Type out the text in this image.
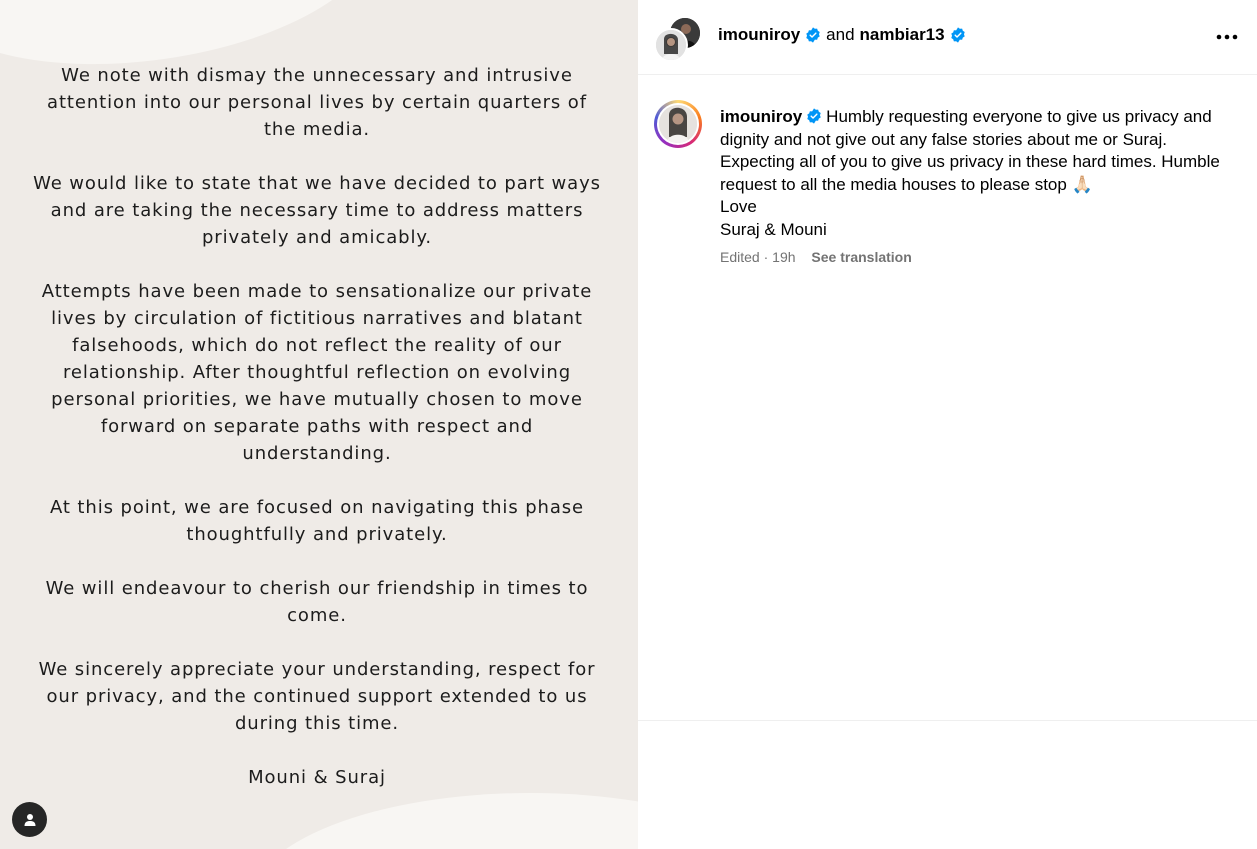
We note with dismay the unnecessary and intrusive attention into our personal lives by certain quarters of the media.

We would like to state that we have decided to part ways and are taking the necessary time to address matters privately and amicably.

Attempts have been made to sensationalize our private lives by circulation of fictitious narratives and blatant falsehoods, which do not reflect the reality of our relationship. After thoughtful reflection on evolving personal priorities, we have mutually chosen to move forward on separate paths with respect and understanding.

At this point, we are focused on navigating this phase thoughtfully and privately.

We will endeavour to cherish our friendship in times to come.

We sincerely appreciate your understanding, respect for our privacy, and the continued support extended to us during this time.

Mouni & Suraj

imouniroy and nambiar13
imouniroy Humbly requesting everyone to give us privacy and
dignity and not give out any false stories about me or Suraj.
Expecting all of you to give us privacy in these hard times. Humble
request to all the media houses to please stop 🙏🏻
Love
Suraj & Mouni
Edited · 19h See translation
